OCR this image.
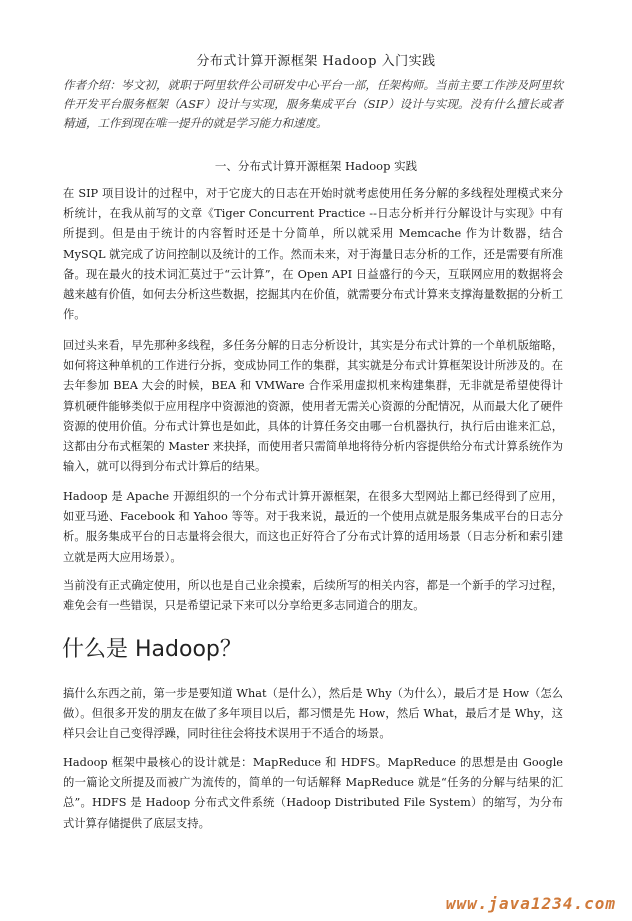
分布式计算开源框架 Hadoop 入门实践
作者介绍：岑文初，就职于阿里软件公司研发中心平台一部，任架构师。当前主要工作涉及阿里软件开发平台服务框架（ASF）设计与实现，服务集成平台（SIP）设计与实现。没有什么擅长或者精通，工作到现在唯一提升的就是学习能力和速度。
一、分布式计算开源框架 Hadoop 实践

在 SIP 项目设计的过程中，对于它庞大的日志在开始时就考虑使用任务分解的多线程处理模式来分析统计，在我从前写的文章《Tiger Concurrent Practice --日志分析并行分解设计与实现》中有所提到。但是由于统计的内容暂时还是十分简单，所以就采用 Memcache 作为计数器，结合 MySQL 就完成了访问控制以及统计的工作。然而未来，对于海量日志分析的工作，还是需要有所准备。现在最火的技术词汇莫过于“云计算”，在 Open API 日益盛行的今天，互联网应用的数据将会越来越有价值，如何去分析这些数据，挖掘其内在价值，就需要分布式计算来支撑海量数据的分析工作。

回过头来看，早先那种多线程，多任务分解的日志分析设计，其实是分布式计算的一个单机版缩略，如何将这种单机的工作进行分拆，变成协同工作的集群，其实就是分布式计算框架设计所涉及的。在去年参加 BEA 大会的时候，BEA 和 VMWare 合作采用虚拟机来构建集群，无非就是希望使得计算机硬件能够类似于应用程序中资源池的资源，使用者无需关心资源的分配情况，从而最大化了硬件资源的使用价值。分布式计算也是如此，具体的计算任务交由哪一台机器执行，执行后由谁来汇总，这都由分布式框架的 Master 来抉择，而使用者只需简单地将待分析内容提供给分布式计算系统作为输入，就可以得到分布式计算后的结果。

Hadoop 是 Apache 开源组织的一个分布式计算开源框架，在很多大型网站上都已经得到了应用，如亚马逊、Facebook 和 Yahoo 等等。对于我来说，最近的一个使用点就是服务集成平台的日志分析。服务集成平台的日志量将会很大，而这也正好符合了分布式计算的适用场景（日志分析和索引建立就是两大应用场景）。

当前没有正式确定使用，所以也是自己业余摸索，后续所写的相关内容，都是一个新手的学习过程，难免会有一些错误，只是希望记录下来可以分享给更多志同道合的朋友。

什么是 Hadoop？

搞什么东西之前，第一步是要知道 What（是什么），然后是 Why（为什么），最后才是 How（怎么做）。但很多开发的朋友在做了多年项目以后，都习惯是先 How，然后 What，最后才是 Why，这样只会让自己变得浮躁，同时往往会将技术误用于不适合的场景。

Hadoop 框架中最核心的设计就是：MapReduce 和 HDFS。MapReduce 的思想是由 Google 的一篇论文所提及而被广为流传的，简单的一句话解释 MapReduce 就是“任务的分解与结果的汇总”。HDFS 是 Hadoop 分布式文件系统（Hadoop Distributed File System）的缩写，为分布式计算存储提供了底层支持。

www.java1234.com
